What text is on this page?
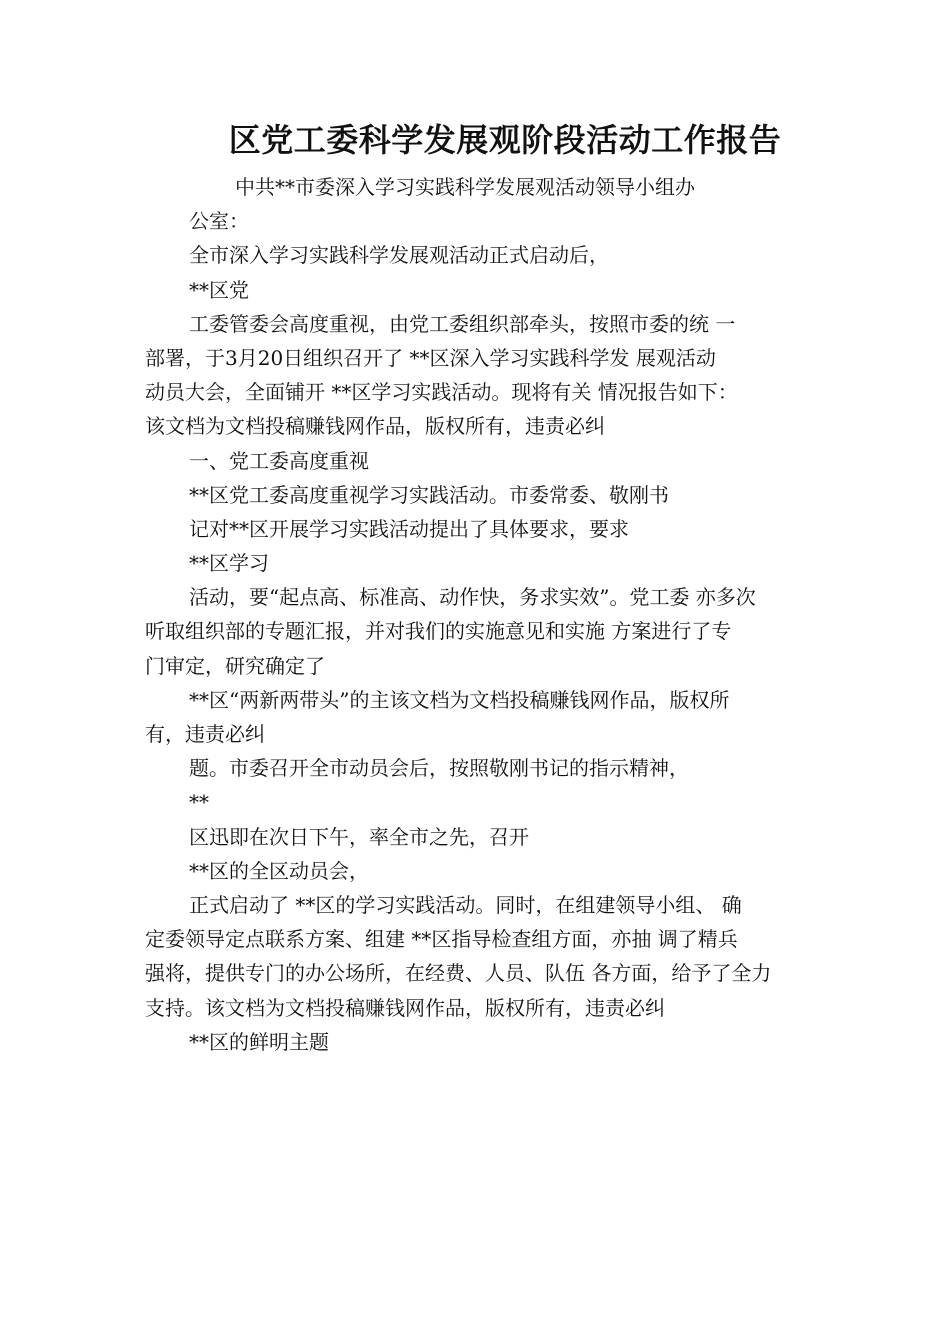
区党工委科学发展观阶段活动工作报告
中共**市委深入学习实践科学发展观活动领导小组办
公室：
全市深入学习实践科学发展观活动正式启动后，
**区党
工委管委会高度重视，由党工委组织部牵头，按照市委的统 一
部署，于3月20日组织召开了 **区深入学习实践科学发 展观活动
动员大会，全面铺开 **区学习实践活动。现将有关 情况报告如下：
该文档为文档投稿赚钱网作品，版权所有，违责必纠
一、党工委高度重视
**区党工委高度重视学习实践活动。市委常委、敬刚书
记对**区开展学习实践活动提出了具体要求，要求
**区学习
活动，要“起点高、标准高、动作快，务求实效”。党工委 亦多次
听取组织部的专题汇报，并对我们的实施意见和实施 方案进行了专
门审定，研究确定了
**区“两新两带头”的主该文档为文档投稿赚钱网作品，版权所
有，违责必纠
题。市委召开全市动员会后，按照敬刚书记的指示精神，
**
区迅即在次日下午，率全市之先，召开
**区的全区动员会，
正式启动了 **区的学习实践活动。同时，在组建领导小组、 确
定委领导定点联系方案、组建 **区指导检查组方面，亦抽 调了精兵
强将，提供专门的办公场所，在经费、人员、队伍 各方面，给予了全力
支持。该文档为文档投稿赚钱网作品，版权所有，违责必纠
**区的鲜明主题
